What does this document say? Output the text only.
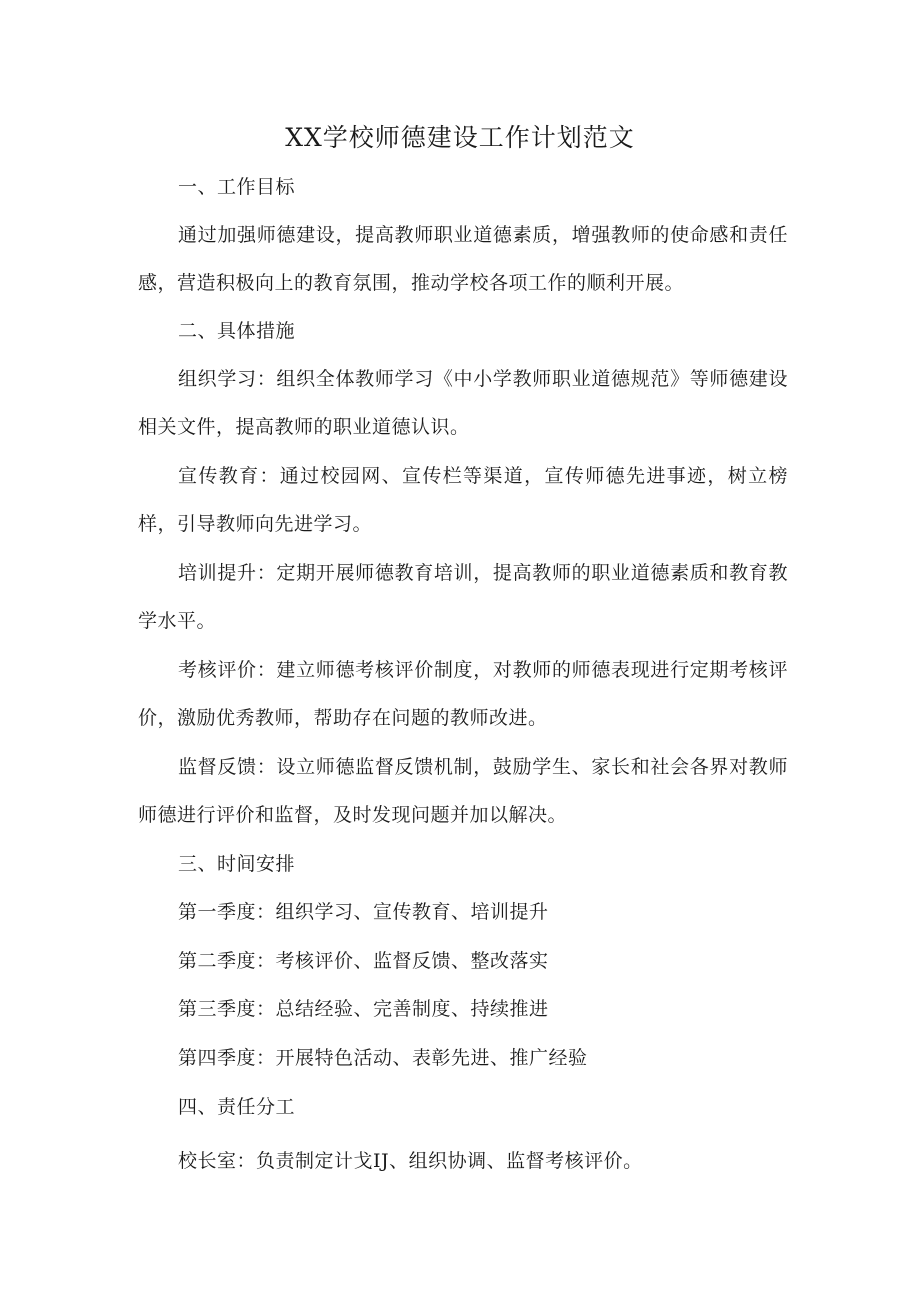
XX学校师德建设工作计划范文

一、工作目标

通过加强师德建设，提高教师职业道德素质，增强教师的使命感和责任感，营造积极向上的教育氛围，推动学校各项工作的顺利开展。

二、具体措施

组织学习：组织全体教师学习《中小学教师职业道德规范》等师德建设相关文件，提高教师的职业道德认识。

宣传教育：通过校园网、宣传栏等渠道，宣传师德先进事迹，树立榜样，引导教师向先进学习。

培训提升：定期开展师德教育培训，提高教师的职业道德素质和教育教学水平。

考核评价：建立师德考核评价制度，对教师的师德表现进行定期考核评价，激励优秀教师，帮助存在问题的教师改进。

监督反馈：设立师德监督反馈机制，鼓励学生、家长和社会各界对教师师德进行评价和监督，及时发现问题并加以解决。

三、时间安排

第一季度：组织学习、宣传教育、培训提升

第二季度：考核评价、监督反馈、整改落实

第三季度：总结经验、完善制度、持续推进

第四季度：开展特色活动、表彰先进、推广经验

四、责任分工

校长室：负责制定计戈IJ、组织协调、监督考核评价。
